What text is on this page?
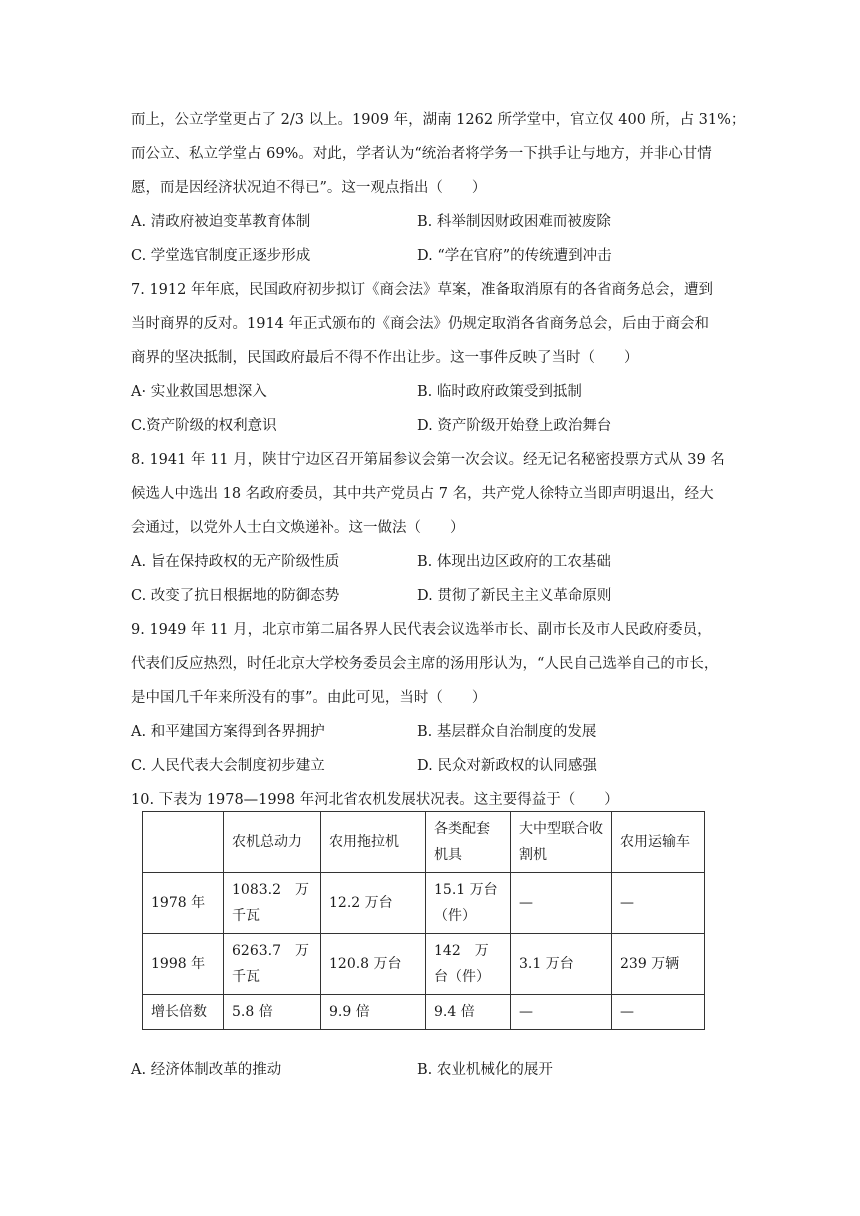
而上，公立学堂更占了 2/3 以上。1909 年，湖南 1262 所学堂中，官立仅 400 所，占 31%；
而公立、私立学堂占 69%。对此，学者认为“统治者将学务一下拱手让与地方，并非心甘情
愿，而是因经济状况迫不得已”。这一观点指出（　　）
A. 清政府被迫变革教育体制	B. 科举制因财政困难而被废除
C. 学堂选官制度正逐步形成	D. “学在官府”的传统遭到冲击
7. 1912 年年底，民国政府初步拟订《商会法》草案，准备取消原有的各省商务总会，遭到
当时商界的反对。1914 年正式颁布的《商会法》仍规定取消各省商务总会，后由于商会和
商界的坚决抵制，民国政府最后不得不作出让步。这一事件反映了当时（　　）
A· 实业救国思想深入	B. 临时政府政策受到抵制
C.资产阶级的权利意识	D. 资产阶级开始登上政治舞台
8. 1941 年 11 月，陕甘宁边区召开第届参议会第一次会议。经无记名秘密投票方式从 39 名
候选人中选出 18 名政府委员，其中共产党员占 7 名，共产党人徐特立当即声明退出，经大
会通过，以党外人士白文焕递补。这一做法（　　）
A. 旨在保持政权的无产阶级性质	B. 体现出边区政府的工农基础
C. 改变了抗日根据地的防御态势	D. 贯彻了新民主主义革命原则
9. 1949 年 11 月，北京市第二届各界人民代表会议选举市长、副市长及市人民政府委员，
代表们反应热烈，时任北京大学校务委员会主席的汤用彤认为，“人民自己选举自己的市长，
是中国几千年来所没有的事”。由此可见，当时（　　）
A. 和平建国方案得到各界拥护	B. 基层群众自治制度的发展
C. 人民代表大会制度初步建立	D. 民众对新政权的认同感强
10. 下表为 1978—1998 年河北省农机发展状况表。这主要得益于（　　）
	农机总动力	农用拖拉机	各类配套机具	大中型联合收割机	农用运输车
1978 年	1083.2　万千瓦	12.2 万台	15.1 万台（件）	—	—
1998 年	6263.7　万千瓦	120.8 万台	142　万台（件）	3.1 万台	239 万辆
增长倍数	5.8 倍	9.9 倍	9.4 倍	—	—
A. 经济体制改革的推动	B. 农业机械化的展开
